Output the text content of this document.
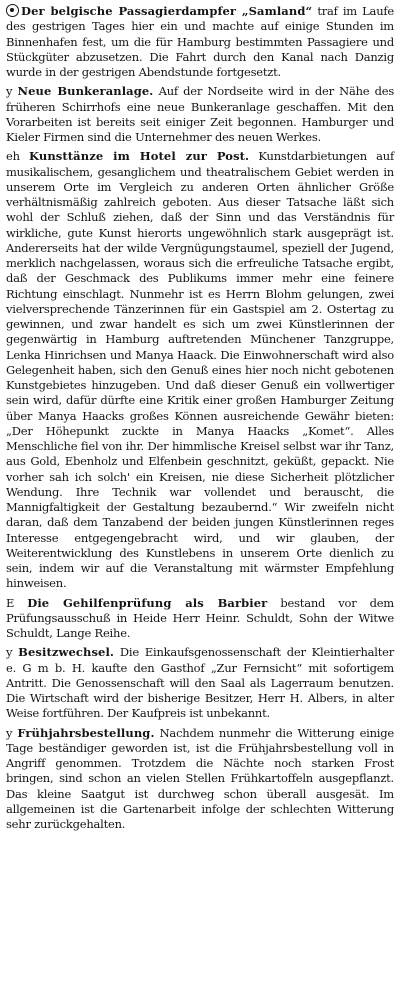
Der belgische Passagierdampfer „Samland“ traf im Laufe des gestrigen Tages hier ein und machte auf einige Stunden im Binnenhafen fest, um die für Hamburg bestimmten Passagiere und Stückgüter abzusetzen. Die Fahrt durch den Kanal nach Danzig wurde in der gestrigen Abendstunde fortgesetzt.

y Neue Bunkeranlage. Auf der Nordseite wird in der Nähe des früheren Schirrhofs eine neue Bunkeranlage geschaffen. Mit den Vorarbeiten ist bereits seit einiger Zeit begonnen. Hamburger und Kieler Firmen sind die Unternehmer des neuen Werkes.

eh Kunsttänze im Hotel zur Post. Kunstdarbietungen auf musikalischem, gesanglichem und theatralischem Gebiet werden in unserem Orte im Vergleich zu anderen Orten ähnlicher Größe verhältnismäßig zahlreich geboten. Aus dieser Tatsache läßt sich wohl der Schluß ziehen, daß der Sinn und das Verständnis für wirkliche, gute Kunst hierorts ungewöhnlich stark ausgeprägt ist. Andererseits hat der wilde Vergnügungstaumel, speziell der Jugend, merklich nachgelassen, woraus sich die erfreuliche Tatsache ergibt, daß der Geschmack des Publikums immer mehr eine feinere Richtung einschlagt. Nunmehr ist es Herrn Blohm gelungen, zwei vielversprechende Tänzerinnen für ein Gastspiel am 2. Ostertag zu gewinnen, und zwar handelt es sich um zwei Künstlerinnen der gegenwärtig in Hamburg auftretenden Münchener Tanzgruppe, Lenka Hinrichsen und Manya Haack. Die Einwohnerschaft wird also Gelegenheit haben, sich den Genuß eines hier noch nicht gebotenen Kunstgebietes hinzugeben. Und daß dieser Genuß ein vollwertiger sein wird, dafür dürfte eine Kritik einer großen Hamburger Zeitung über Manya Haacks großes Können ausreichende Gewähr bieten: „Der Höhepunkt zuckte in Manya Haacks „Komet“. Alles Menschliche fiel von ihr. Der himmlische Kreisel selbst war ihr Tanz, aus Gold, Ebenholz und Elfenbein geschnitzt, geküßt, gepackt. Nie vorher sah ich solch' ein Kreisen, nie diese Sicherheit plötzlicher Wendung. Ihre Technik war vollendet und berauscht, die Mannigfaltigkeit der Gestaltung bezaubernd.“ Wir zweifeln nicht daran, daß dem Tanzabend der beiden jungen Künstlerinnen reges Interesse entgegengebracht wird, und wir glauben, der Weiterentwicklung des Kunstlebens in unserem Orte dienlich zu sein, indem wir auf die Veranstaltung mit wärmster Empfehlung hinweisen.

E Die Gehilfenprüfung als Barbier bestand vor dem Prüfungsausschuß in Heide Herr Heinr. Schuldt, Sohn der Witwe Schuldt, Lange Reihe.

y Besitzwechsel. Die Einkaufsgenossenschaft der Kleintierhalter e. G m b. H. kaufte den Gasthof „Zur Fernsicht“ mit sofortigem Antritt. Die Genossenschaft will den Saal als Lagerraum benutzen. Die Wirtschaft wird der bisherige Besitzer, Herr H. Albers, in alter Weise fortführen. Der Kaufpreis ist unbekannt.

y Frühjahrsbestellung. Nachdem nunmehr die Witterung einige Tage beständiger geworden ist, ist die Frühjahrsbestellung voll in Angriff genommen. Trotzdem die Nächte noch starken Frost bringen, sind schon an vielen Stellen Frühkartoffeln ausgepflanzt. Das kleine Saatgut ist durchweg schon überall ausgesät. Im allgemeinen ist die Gartenarbeit infolge der schlechten Witterung sehr zurückgehalten.
